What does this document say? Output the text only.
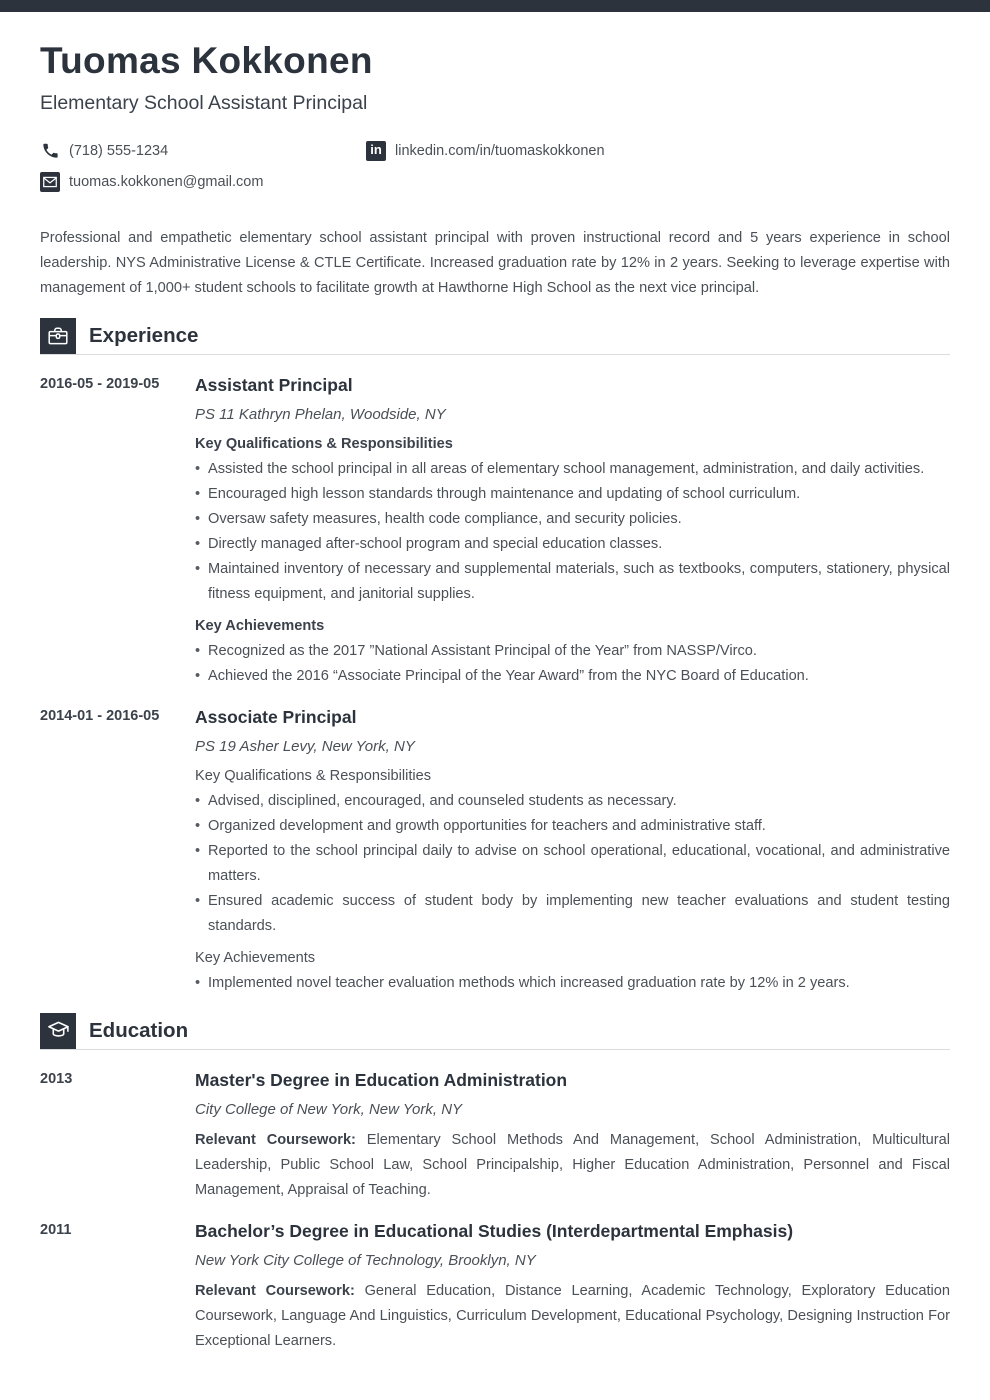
Tuomas Kokkonen
Elementary School Assistant Principal
(718) 555-1234	in linkedin.com/in/tuomaskokkonen
tuomas.kokkonen@gmail.com

Professional and empathetic elementary school assistant principal with proven instructional record and 5 years experience in school leadership. NYS Administrative License & CTLE Certificate. Increased graduation rate by 12% in 2 years. Seeking to leverage expertise with management of 1,000+ student schools to facilitate growth at Hawthorne High School as the next vice principal.

Experience
2016-05 - 2019-05	Assistant Principal
PS 11 Kathryn Phelan, Woodside, NY
Key Qualifications & Responsibilities
• Assisted the school principal in all areas of elementary school management, administration, and daily activities.
• Encouraged high lesson standards through maintenance and updating of school curriculum.
• Oversaw safety measures, health code compliance, and security policies.
• Directly managed after-school program and special education classes.
• Maintained inventory of necessary and supplemental materials, such as textbooks, computers, stationery, physical fitness equipment, and janitorial supplies.
Key Achievements
• Recognized as the 2017 ”National Assistant Principal of the Year” from NASSP/Virco.
• Achieved the 2016 “Associate Principal of the Year Award” from the NYC Board of Education.
2014-01 - 2016-05	Associate Principal
PS 19 Asher Levy, New York, NY
Key Qualifications & Responsibilities
• Advised, disciplined, encouraged, and counseled students as necessary.
• Organized development and growth opportunities for teachers and administrative staff.
• Reported to the school principal daily to advise on school operational, educational, vocational, and administrative matters.
• Ensured academic success of student body by implementing new teacher evaluations and student testing standards.
Key Achievements
• Implemented novel teacher evaluation methods which increased graduation rate by 12% in 2 years.
Education
2013	Master's Degree in Education Administration
City College of New York, New York, NY

Relevant Coursework: Elementary School Methods And Management, School Administration, Multicultural Leadership, Public School Law, School Principalship, Higher Education Administration, Personnel and Fiscal Management, Appraisal of Teaching.

2011	Bachelor’s Degree in Educational Studies (Interdepartmental Emphasis)
New York City College of Technology, Brooklyn, NY

Relevant Coursework: General Education, Distance Learning, Academic Technology, Exploratory Education Coursework, Language And Linguistics, Curriculum Development, Educational Psychology, Designing Instruction For Exceptional Learners.
